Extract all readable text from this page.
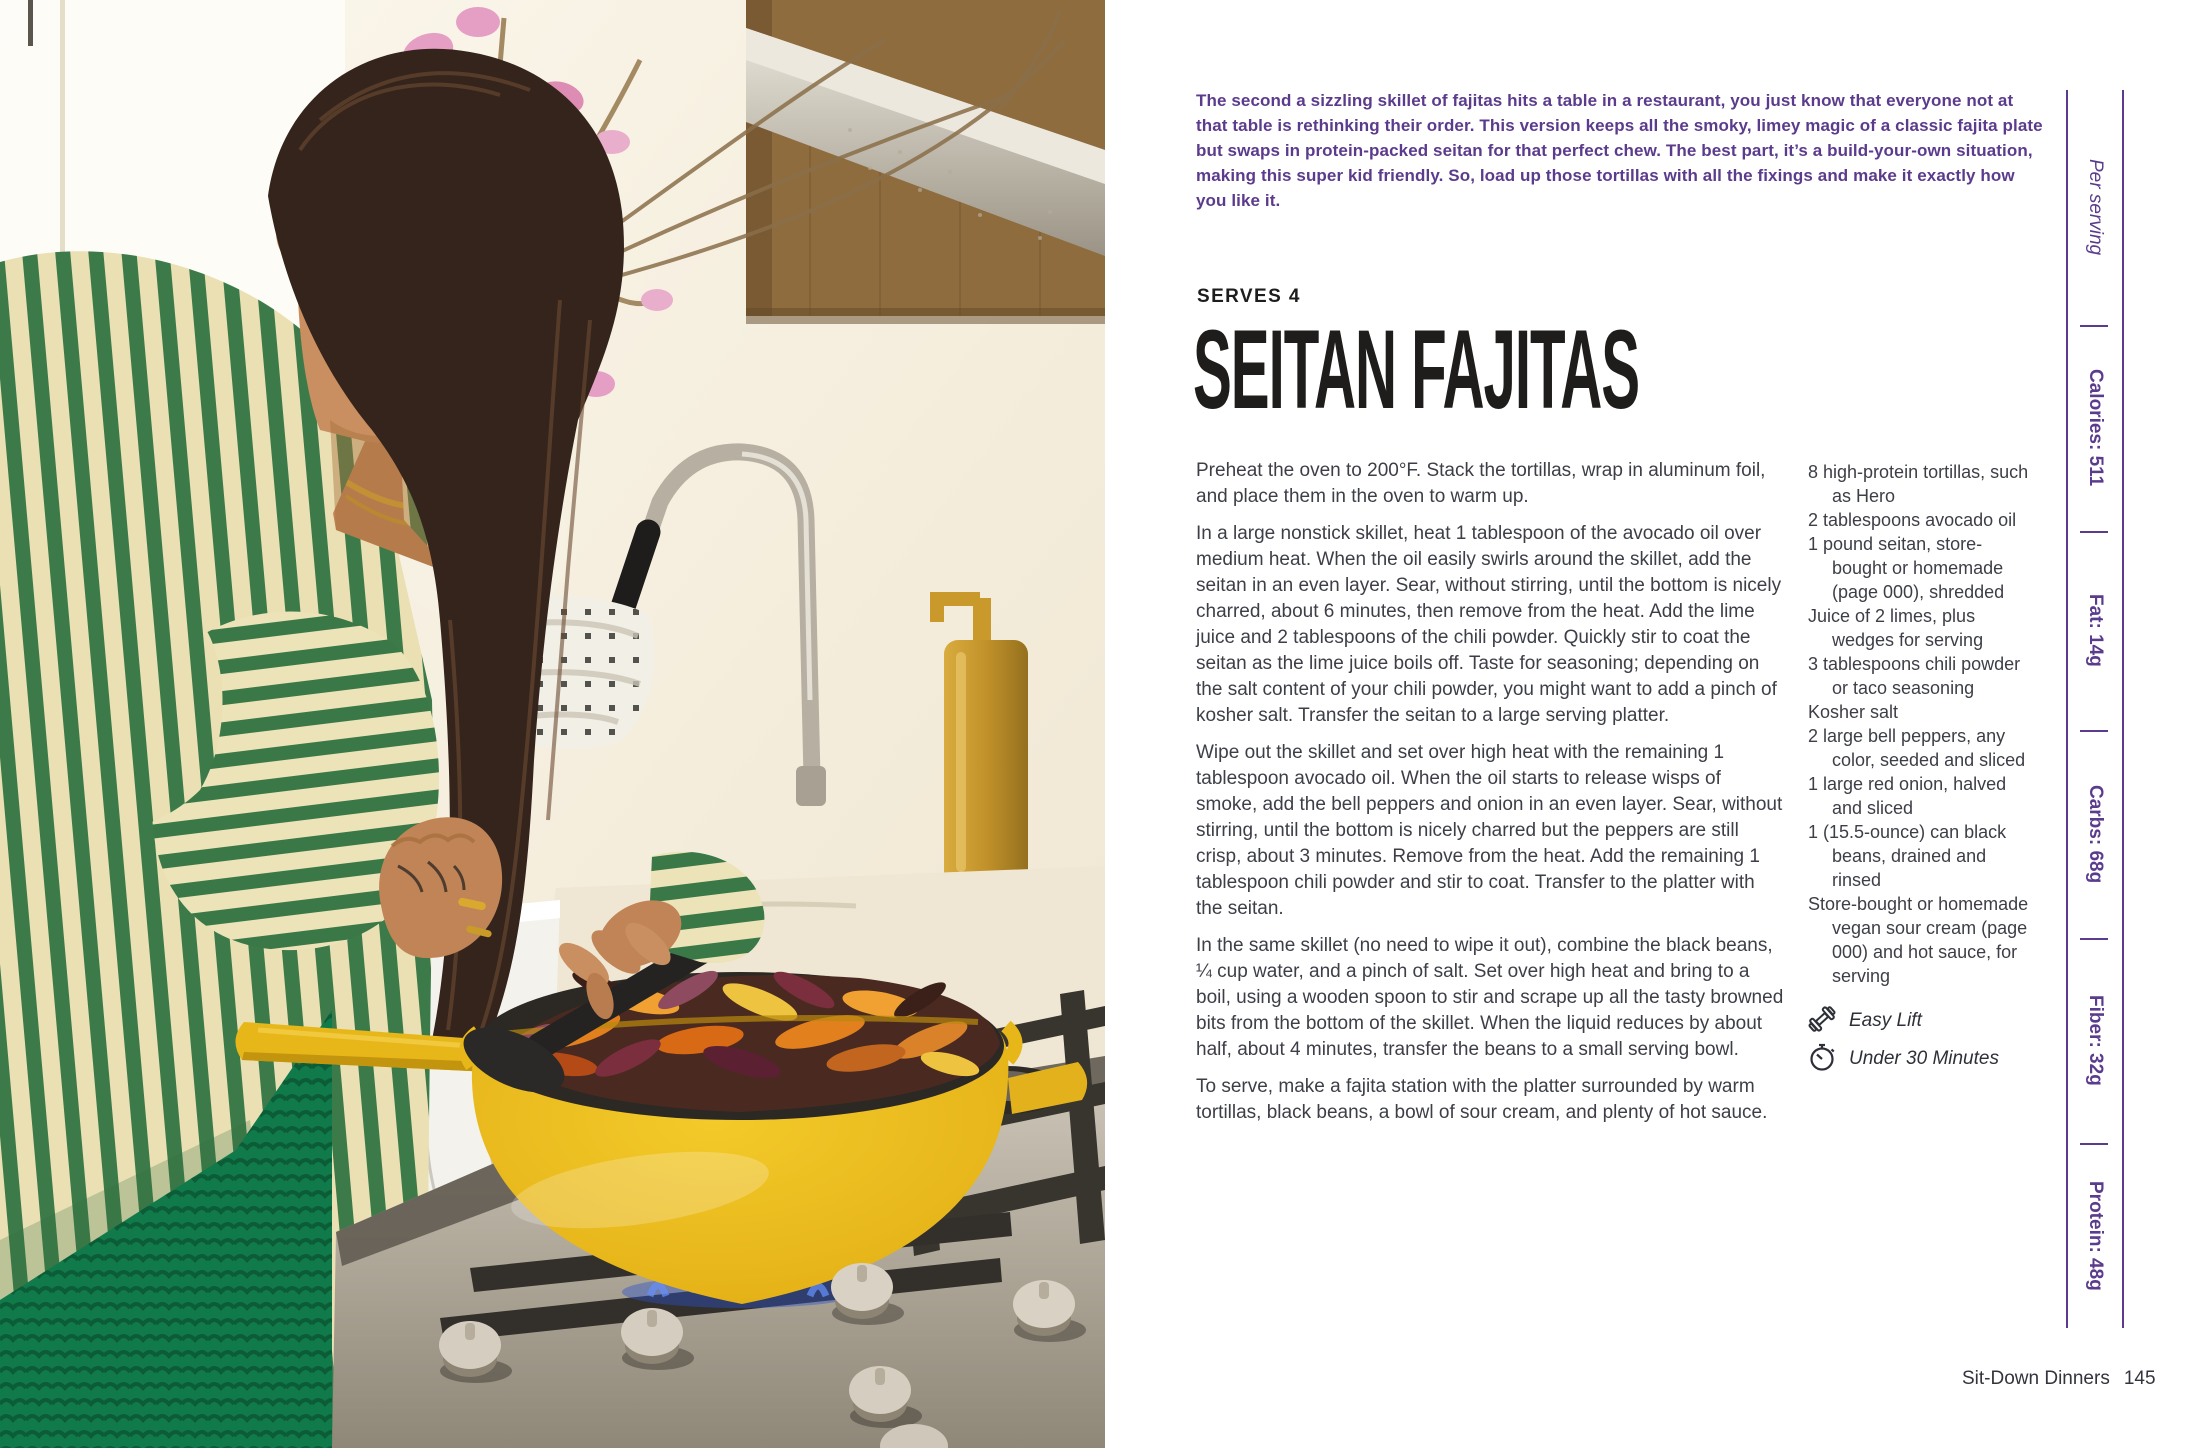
The second a sizzling skillet of fajitas hits a table in a restaurant, you just know that everyone not at that table is rethinking their order. This version keeps all the smoky, limey magic of a classic fajita plate but swaps in protein-packed seitan for that perfect chew. The best part, it’s a build-your-own situation, making this super kid friendly. So, load up those tortillas with all the fixings and make it exactly how you like it.
SERVES 4
SEITAN FAJITAS

Preheat the oven to 200°F. Stack the tortillas, wrap in aluminum foil, and place them in the oven to warm up.

In a large nonstick skillet, heat 1 tablespoon of the avocado oil over medium heat. When the oil easily swirls around the skillet, add the seitan in an even layer. Sear, without stirring, until the bottom is nicely charred, about 6 minutes, then remove from the heat. Add the lime juice and 2 tablespoons of the chili powder. Quickly stir to coat the seitan as the lime juice boils off. Taste for seasoning; depending on the salt content of your chili powder, you might want to add a pinch of kosher salt. Transfer the seitan to a large serving platter.

Wipe out the skillet and set over high heat with the remaining 1 tablespoon avocado oil. When the oil starts to release wisps of smoke, add the bell peppers and onion in an even layer. Sear, without stirring, until the bottom is nicely charred but the peppers are still crisp, about 3 minutes. Remove from the heat. Add the remaining 1 tablespoon chili powder and stir to coat. Transfer to the platter with the seitan.

In the same skillet (no need to wipe it out), combine the black beans, ¼ cup water, and a pinch of salt. Set over high heat and bring to a boil, using a wooden spoon to stir and scrape up all the tasty browned bits from the bottom of the skillet. When the liquid reduces by about half, about 4 minutes, transfer the beans to a small serving bowl.

To serve, make a fajita station with the platter surrounded by warm tortillas, black beans, a bowl of sour cream, and plenty of hot sauce.

8 high-protein tortillas, such as Hero
2 tablespoons avocado oil
1 pound seitan, store-bought or homemade (page 000), shredded
Juice of 2 limes, plus wedges for serving
3 tablespoons chili powder or taco seasoning
Kosher salt
2 large bell peppers, any color, seeded and sliced
1 large red onion, halved and sliced
1 (15.5-ounce) can black beans, drained and rinsed
Store-bought or homemade vegan sour cream (page 000) and hot sauce, for serving
Easy Lift
Under 30 Minutes
Per serving
Calories: 511
Fat: 14g
Carbs: 68g
Fiber: 32g
Protein: 48g
Sit-Down Dinners 145
